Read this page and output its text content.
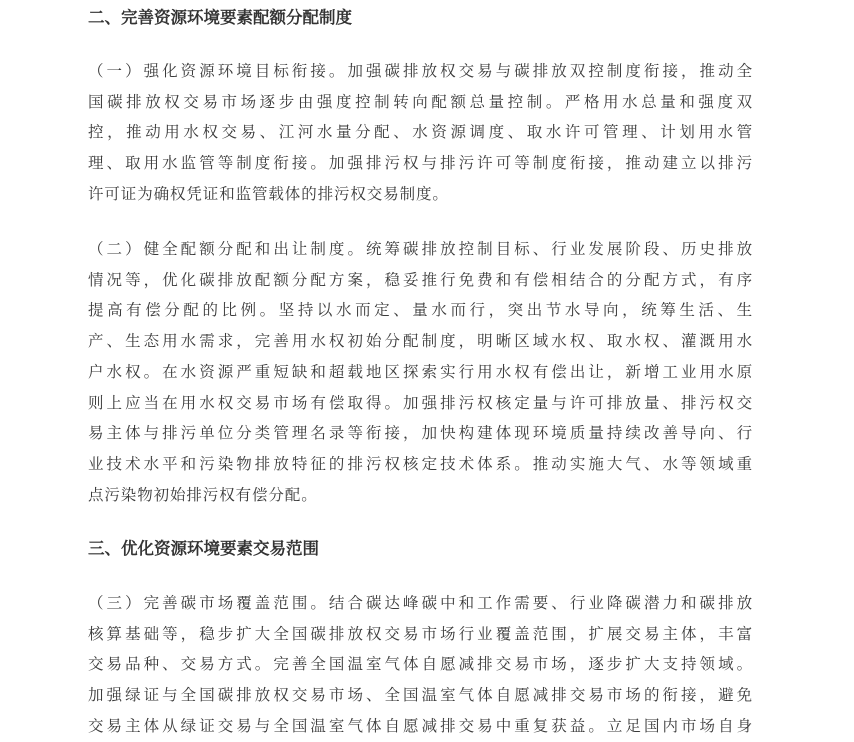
二、完善资源环境要素配额分配制度

（一）强化资源环境目标衔接。加强碳排放权交易与碳排放双控制度衔接，推动全
国碳排放权交易市场逐步由强度控制转向配额总量控制。严格用水总量和强度双
控，推动用水权交易、江河水量分配、水资源调度、取水许可管理、计划用水管
理、取用水监管等制度衔接。加强排污权与排污许可等制度衔接，推动建立以排污
许可证为确权凭证和监管载体的排污权交易制度。

（二）健全配额分配和出让制度。统筹碳排放控制目标、行业发展阶段、历史排放
情况等，优化碳排放配额分配方案，稳妥推行免费和有偿相结合的分配方式，有序
提高有偿分配的比例。坚持以水而定、量水而行，突出节水导向，统筹生活、生
产、生态用水需求，完善用水权初始分配制度，明晰区域水权、取水权、灌溉用水
户水权。在水资源严重短缺和超载地区探索实行用水权有偿出让，新增工业用水原
则上应当在用水权交易市场有偿取得。加强排污权核定量与许可排放量、排污权交
易主体与排污单位分类管理名录等衔接，加快构建体现环境质量持续改善导向、行
业技术水平和污染物排放特征的排污权核定技术体系。推动实施大气、水等领域重
点污染物初始排污权有偿分配。

三、优化资源环境要素交易范围

（三）完善碳市场覆盖范围。结合碳达峰碳中和工作需要、行业降碳潜力和碳排放
核算基础等，稳步扩大全国碳排放权交易市场行业覆盖范围，扩展交易主体，丰富
交易品种、交易方式。完善全国温室气体自愿减排交易市场，逐步扩大支持领域。
加强绿证与全国碳排放权交易市场、全国温室气体自愿减排交易市场的衔接，避免
交易主体从绿证交易与全国温室气体自愿减排交易中重复获益。立足国内市场自身
